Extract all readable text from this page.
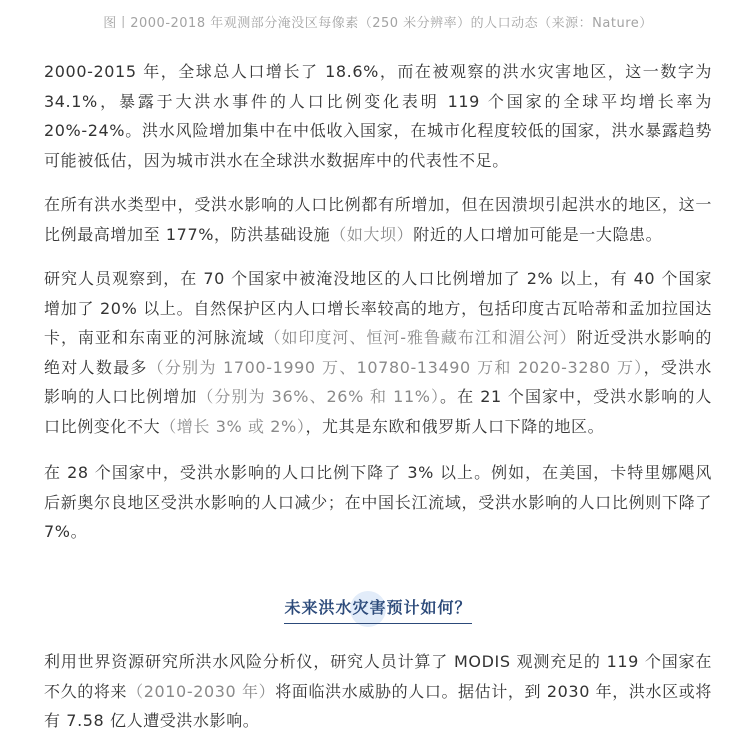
图丨2000-2018 年观测部分淹没区每像素（250 米分辨率）的人口动态（来源：Nature）

2000-2015 年，全球总人口增长了 18.6%，而在被观察的洪水灾害地区，这一数字为 34.1%，暴露于大洪水事件的人口比例变化表明 119 个国家的全球平均增长率为 20%-24%。洪水风险增加集中在中低收入国家，在城市化程度较低的国家，洪水暴露趋势可能被低估，因为城市洪水在全球洪水数据库中的代表性不足。

在所有洪水类型中，受洪水影响的人口比例都有所增加，但在因溃坝引起洪水的地区，这一比例最高增加至 177%，防洪基础设施（如大坝）附近的人口增加可能是一大隐患。

研究人员观察到，在 70 个国家中被淹没地区的人口比例增加了 2% 以上，有 40 个国家增加了 20% 以上。自然保护区内人口增长率较高的地方，包括印度古瓦哈蒂和孟加拉国达卡，南亚和东南亚的河脉流域（如印度河、恒河-雅鲁藏布江和湄公河）附近受洪水影响的绝对人数最多（分别为 1700-1990 万、10780-13490 万和 2020-3280 万），受洪水影响的人口比例增加（分别为 36%、26% 和 11%）。在 21 个国家中，受洪水影响的人口比例变化不大（增长 3% 或 2%），尤其是东欧和俄罗斯人口下降的地区。

在 28 个国家中，受洪水影响的人口比例下降了 3% 以上。例如，在美国，卡特里娜飓风后新奥尔良地区受洪水影响的人口减少；在中国长江流域，受洪水影响的人口比例则下降了 7%。

未来洪水灾害预计如何？

利用世界资源研究所洪水风险分析仪，研究人员计算了 MODIS 观测充足的 119 个国家在不久的将来（2010-2030 年）将面临洪水威胁的人口。据估计，到 2030 年，洪水区或将有 7.58 亿人遭受洪水影响。
